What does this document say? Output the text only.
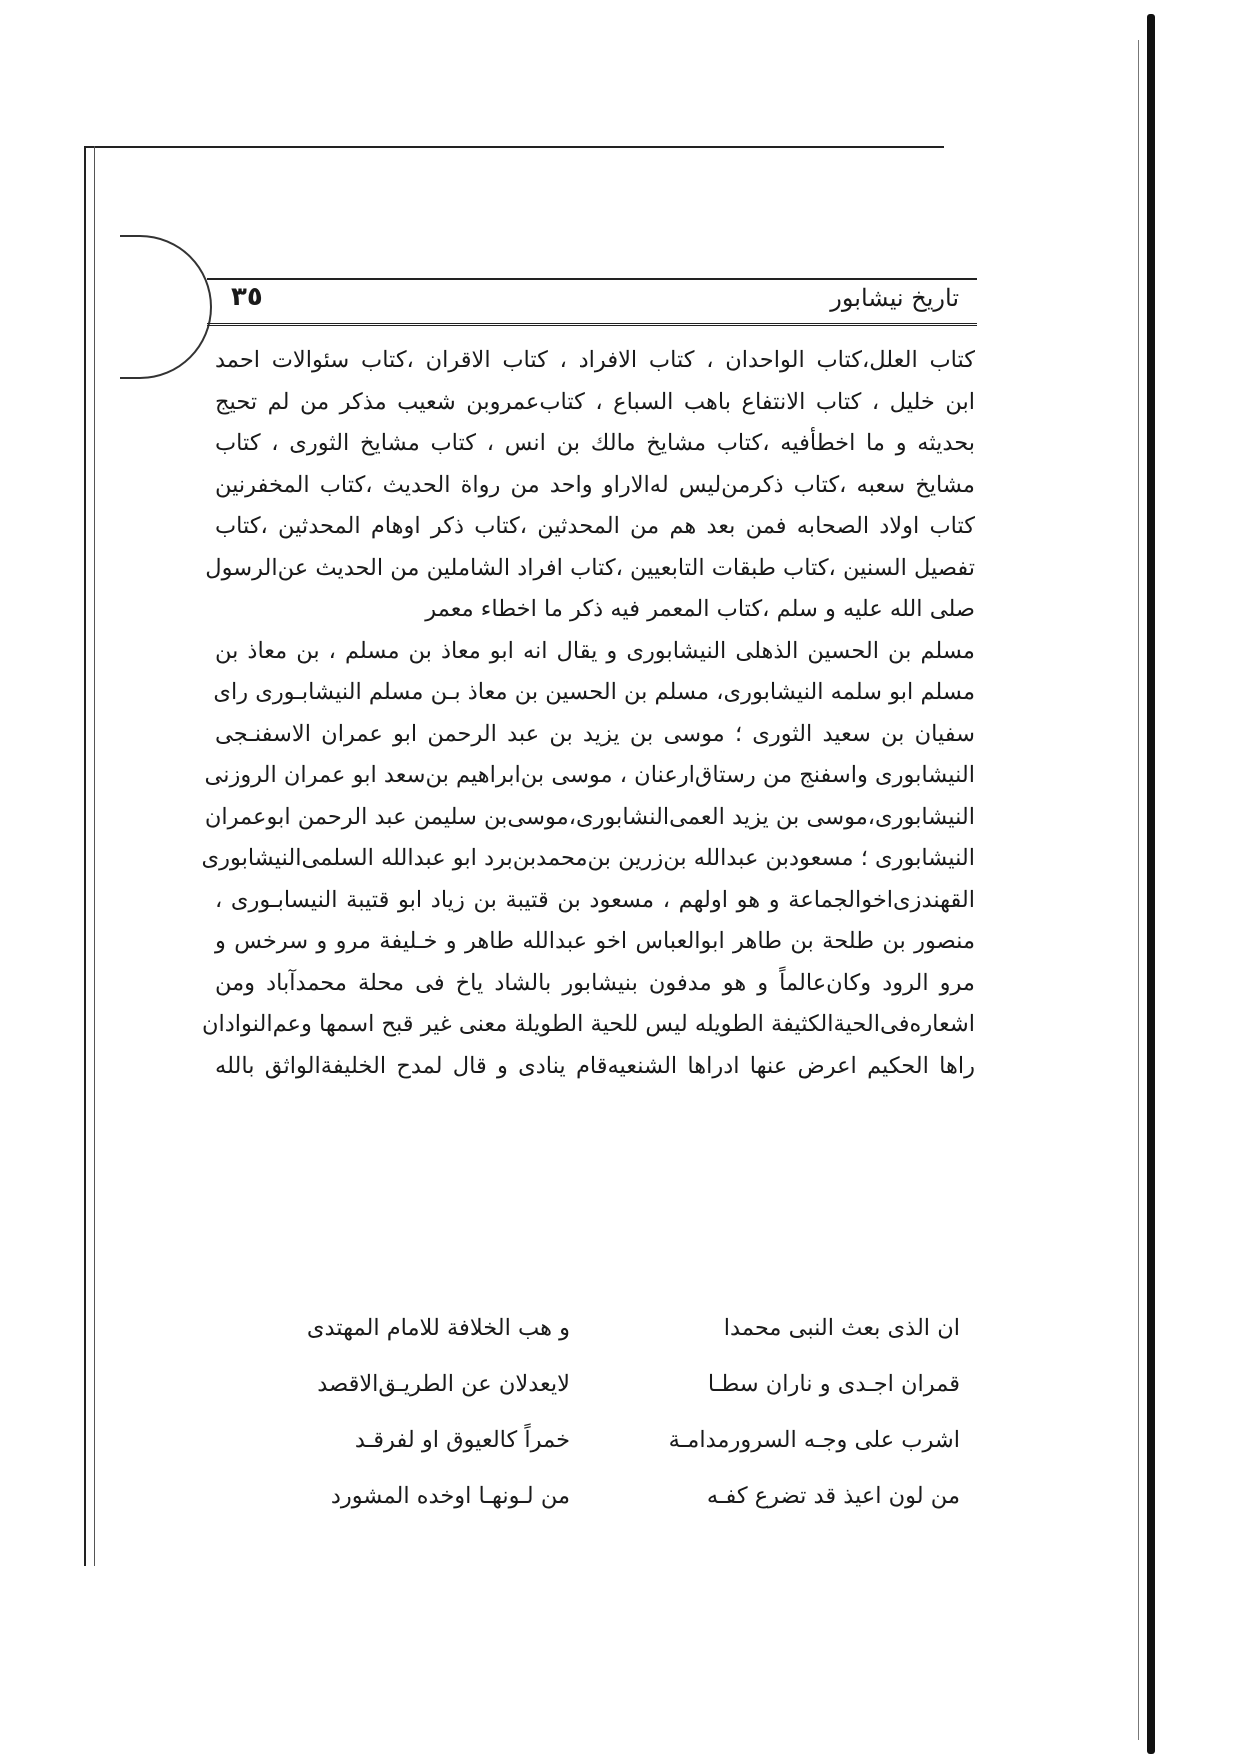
تاريخ نيشابور
٣٥

كتاب العلل،كتاب الواحدان ، كتاب الافراد ، كتاب الاقران ،كتاب سئوالات احمد
ابن خليل ، كتاب الانتفاع باهب السباع ، كتاب‌عمروبن شعيب مذكر من لم تحيج
بحديثه و ما اخطأفيه ،كتاب مشايخ مالك بن انس ، كتاب مشايخ الثورى ، كتاب
مشايخ سعبه ،كتاب ذكرمن‌ليس له‌الاراو واحد من رواة الحديث ،كتاب المخفرنين
كتاب اولاد الصحابه فمن بعد هم من المحدثين ،كتاب ذكر اوهام المحدثين ،كتاب
تفصيل السنين ،كتاب طبقات التابعيين ،كتاب افراد الشاملين من الحديث عن‌الرسول
صلى الله عليه و سلم ،كتاب المعمر فيه ذكر ما اخطاء معمر

مسلم بن الحسين الذهلى النيشابورى و يقال انه ابو معاذ بن مسلم ، بن معاذ بن
مسلم ابو سلمه النيشابورى، مسلم بن الحسين بن معاذ بـن مسلم النيشابـورى راى
سفيان بن سعيد الثورى ؛ موسى بن يزيد بن عبد الرحمن ابو عمران الاسفنـجى
النيشابورى واسفنج من رستاق‌ارعنان ، موسى بن‌ابراهيم بن‌سعد ابو عمران الروزنى
النيشابورى،موسى بن يزيد العمى‌النشابورى،موسى‌بن سليمن عبد الرحمن ابوعمران
النيشابورى ؛ مسعودبن عبدالله بن‌زرين بن‌محمدبن‌برد ابو عبدالله السلمى‌النيشابورى
القهندزى‌اخوالجماعة و هو اولهم ، مسعود بن قتيبة بن زياد ابو قتيبة النيسابـورى ،
منصور بن طلحة بن طاهر ابوالعباس اخو عبدالله طاهر و خـليفة مرو و سرخس و
مرو الرود وكان‌عالماً و هو مدفون بنيشابور بالشاد ياخ فى محلة محمدآباد ومن
اشعاره‌فى‌الحية‌الكثيفة الطويله ليس للحية الطويلة معنى غير قبح اسمها وعم‌النوادان
راها الحكيم اعرض عنها ادراها الشنعيه‌قام ينادى و قال لمدح الخليفة‌الواثق بالله

ان الذى بعث النبى محمدا
و هب الخلافة للامام المهتدى
قمران اجـدى و ناران سطـا
لايعدلان عن الطريـق‌الاقصد
اشرب على وجـه السرورمدامـة
خمراً كالعيوق او لفرقـد
من لون اعيذ قد تضرع كفـه
من لـونهـا اوخده المشورد
